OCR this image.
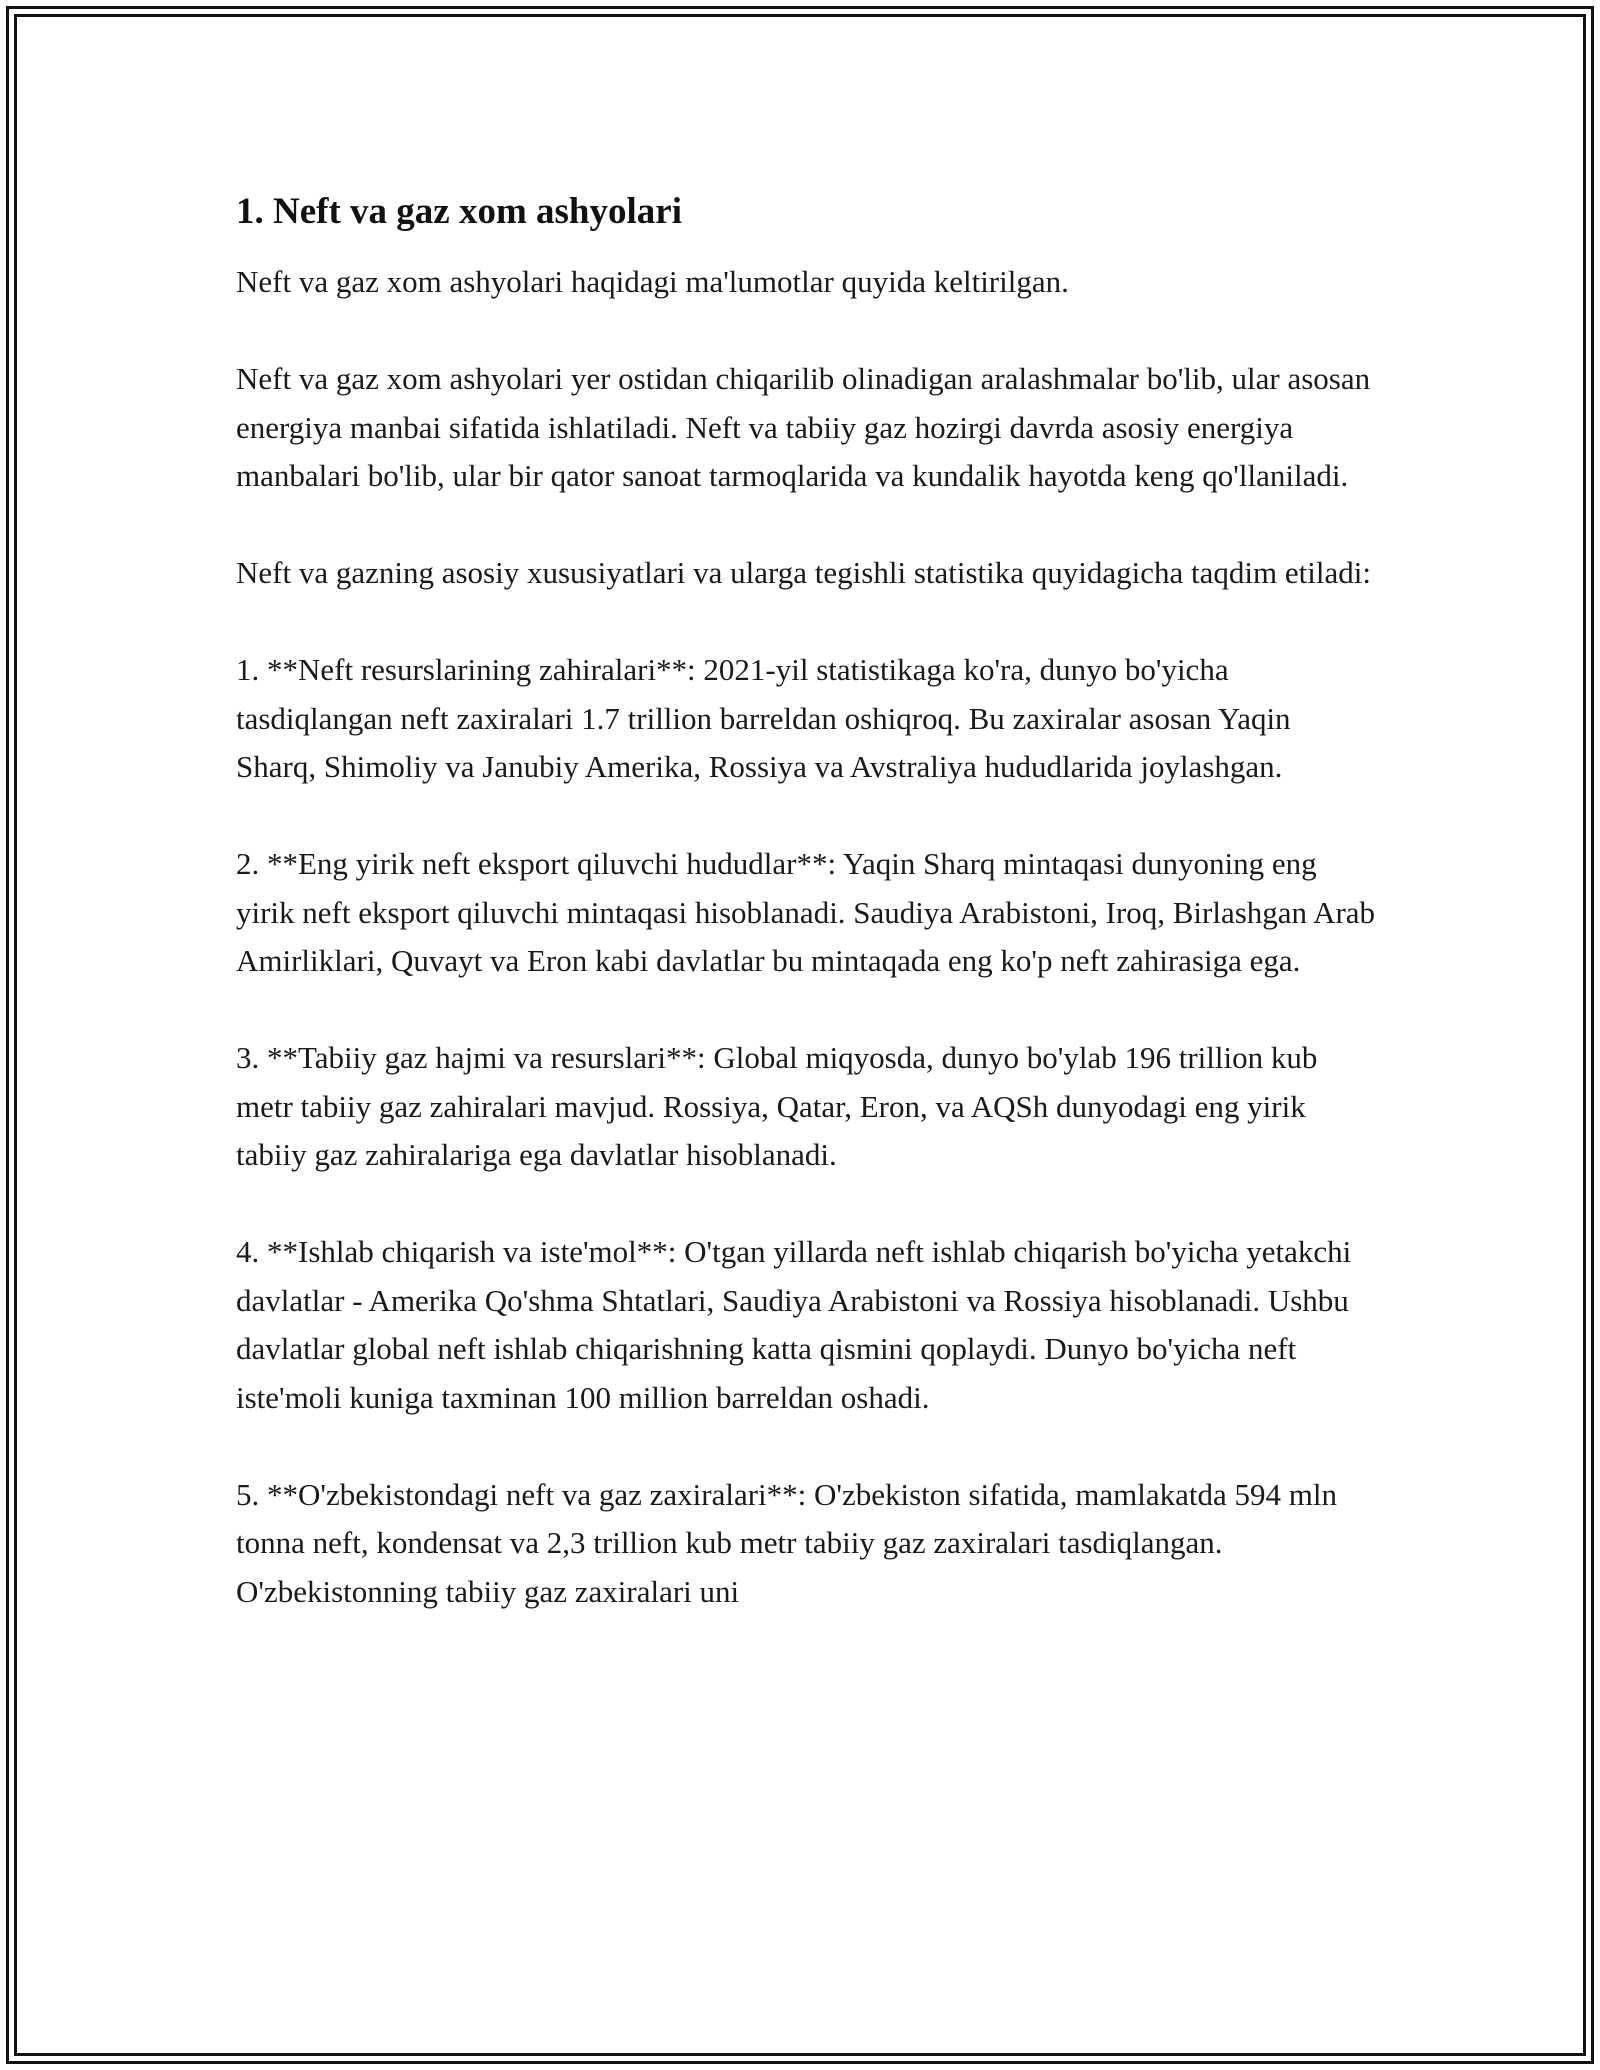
1. Neft va gaz xom ashyolari

Neft va gaz xom ashyolari haqidagi ma'lumotlar quyida keltirilgan.

Neft va gaz xom ashyolari yer ostidan chiqarilib olinadigan aralashmalar bo'lib, ular asosan energiya manbai sifatida ishlatiladi. Neft va tabiiy gaz hozirgi davrda asosiy energiya manbalari bo'lib, ular bir qator sanoat tarmoqlarida va kundalik hayotda keng qo'llaniladi.

Neft va gazning asosiy xususiyatlari va ularga tegishli statistika quyidagicha taqdim etiladi:

1. **Neft resurslarining zahiralari**: 2021-yil statistikaga ko'ra, dunyo bo'yicha tasdiqlangan neft zaxiralari 1.7 trillion barreldan oshiqroq. Bu zaxiralar asosan Yaqin Sharq, Shimoliy va Janubiy Amerika, Rossiya va Avstraliya hududlarida joylashgan.

2. **Eng yirik neft eksport qiluvchi hududlar**: Yaqin Sharq mintaqasi dunyoning eng yirik neft eksport qiluvchi mintaqasi hisoblanadi. Saudiya Arabistoni, Iroq, Birlashgan Arab Amirliklari, Quvayt va Eron kabi davlatlar bu mintaqada eng ko'p neft zahirasiga ega.

3. **Tabiiy gaz hajmi va resurslari**: Global miqyosda, dunyo bo'ylab 196 trillion kub metr tabiiy gaz zahiralari mavjud. Rossiya, Qatar, Eron, va AQSh dunyodagi eng yirik tabiiy gaz zahiralariga ega davlatlar hisoblanadi.

4. **Ishlab chiqarish va iste'mol**: O'tgan yillarda neft ishlab chiqarish bo'yicha yetakchi davlatlar - Amerika Qo'shma Shtatlari, Saudiya Arabistoni va Rossiya hisoblanadi. Ushbu davlatlar global neft ishlab chiqarishning katta qismini qoplaydi. Dunyo bo'yicha neft iste'moli kuniga taxminan 100 million barreldan oshadi.

5. **O'zbekistondagi neft va gaz zaxiralari**: O'zbekiston sifatida, mamlakatda 594 mln tonna neft, kondensat va 2,3 trillion kub metr tabiiy gaz zaxiralari tasdiqlangan. O'zbekistonning tabiiy gaz zaxiralari uni
